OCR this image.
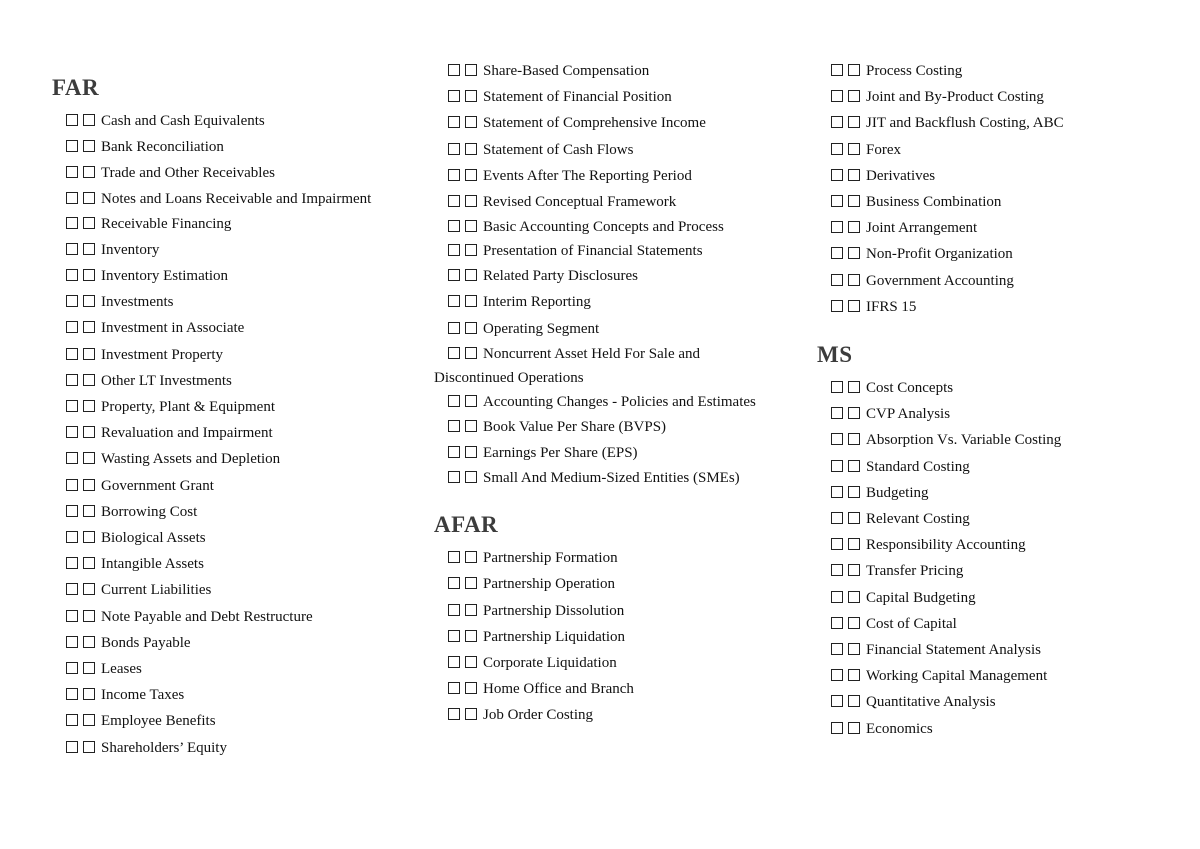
FAR
Cash and Cash Equivalents
Bank Reconciliation
Trade and Other Receivables
Notes and Loans Receivable and Impairment
Receivable Financing
Inventory
Inventory Estimation
Investments
Investment in Associate
Investment Property
Other LT Investments
Property, Plant & Equipment
Revaluation and Impairment
Wasting Assets and Depletion
Government Grant
Borrowing Cost
Biological Assets
Intangible Assets
Current Liabilities
Note Payable and Debt Restructure
Bonds Payable
Leases
Income Taxes
Employee Benefits
Shareholders’ Equity
Share-Based Compensation
Statement of Financial Position
Statement of Comprehensive Income
Statement of Cash Flows
Events After The Reporting Period
Revised Conceptual Framework
Basic Accounting Concepts and Process
Presentation of Financial Statements
Related Party Disclosures
Interim Reporting
Operating Segment
Noncurrent Asset Held For Sale and Discontinued Operations
Accounting Changes - Policies and Estimates
Book Value Per Share (BVPS)
Earnings Per Share (EPS)
Small And Medium-Sized Entities (SMEs)
AFAR
Partnership Formation
Partnership Operation
Partnership Dissolution
Partnership Liquidation
Corporate Liquidation
Home Office and Branch
Job Order Costing
Process Costing
Joint and By-Product Costing
JIT and Backflush Costing, ABC
Forex
Derivatives
Business Combination
Joint Arrangement
Non-Profit Organization
Government Accounting
IFRS 15
MS
Cost Concepts
CVP Analysis
Absorption Vs. Variable Costing
Standard Costing
Budgeting
Relevant Costing
Responsibility Accounting
Transfer Pricing
Capital Budgeting
Cost of Capital
Financial Statement Analysis
Working Capital Management
Quantitative Analysis
Economics
